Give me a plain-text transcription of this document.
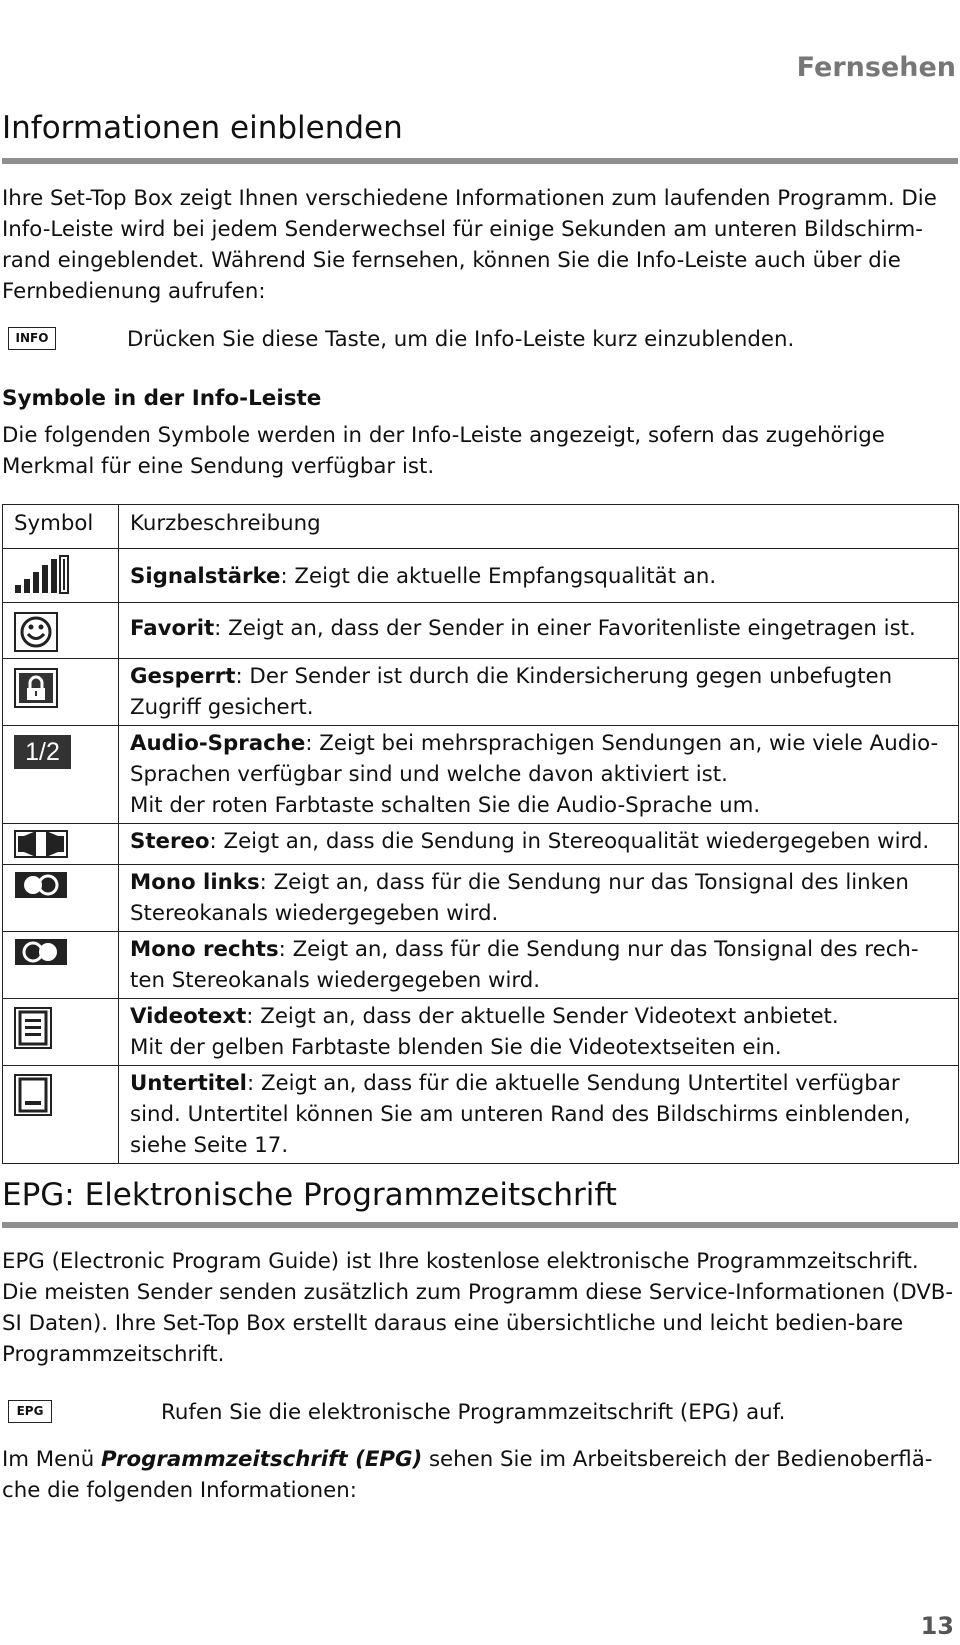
Fernsehen
Informationen einblenden

Ihre Set-Top Box zeigt Ihnen verschiedene Informationen zum laufenden Programm. Die Info-Leiste wird bei jedem Senderwechsel für einige Sekunden am unteren Bildschirm-rand eingeblendet. Während Sie fernsehen, können Sie die Info-Leiste auch über die Fernbedienung aufrufen:

INFO	Drücken Sie diese Taste, um die Info-Leiste kurz einzublenden.
Symbole in der Info-Leiste

Die folgenden Symbole werden in der Info-Leiste angezeigt, sofern das zugehörige Merkmal für eine Sendung verfügbar ist.

Symbol	Kurzbeschreibung

Signalstärke: Zeigt die aktuelle Empfangsqualität an.

Favorit: Zeigt an, dass der Sender in einer Favoritenliste eingetragen ist.

Gesperrt: Der Sender ist durch die Kindersicherung gegen unbefugten Zugriff gesichert.

1/2	Audio-Sprache: Zeigt bei mehrsprachigen Sendungen an, wie viele Audio-Sprachen verfügbar sind und welche davon aktiviert ist.
Mit der roten Farbtaste schalten Sie die Audio-Sprache um.

Stereo: Zeigt an, dass die Sendung in Stereoqualität wiedergegeben wird.

Mono links: Zeigt an, dass für die Sendung nur das Tonsignal des linken Stereokanals wiedergegeben wird.

Mono rechts: Zeigt an, dass für die Sendung nur das Tonsignal des rech-ten Stereokanals wiedergegeben wird.

Videotext: Zeigt an, dass der aktuelle Sender Videotext anbietet.
Mit der gelben Farbtaste blenden Sie die Videotextseiten ein.

Untertitel: Zeigt an, dass für die aktuelle Sendung Untertitel verfügbar sind. Untertitel können Sie am unteren Rand des Bildschirms einblenden, siehe Seite 17.
EPG: Elektronische Programmzeitschrift

EPG (Electronic Program Guide) ist Ihre kostenlose elektronische Programmzeitschrift. Die meisten Sender senden zusätzlich zum Programm diese Service-Informationen (DVB-SI Daten). Ihre Set-Top Box erstellt daraus eine übersichtliche und leicht bedien-bare Programmzeitschrift.

EPG	Rufen Sie die elektronische Programmzeitschrift (EPG) auf.

Im Menü Programmzeitschrift (EPG) sehen Sie im Arbeitsbereich der Bedienoberflä-che die folgenden Informationen:

13
